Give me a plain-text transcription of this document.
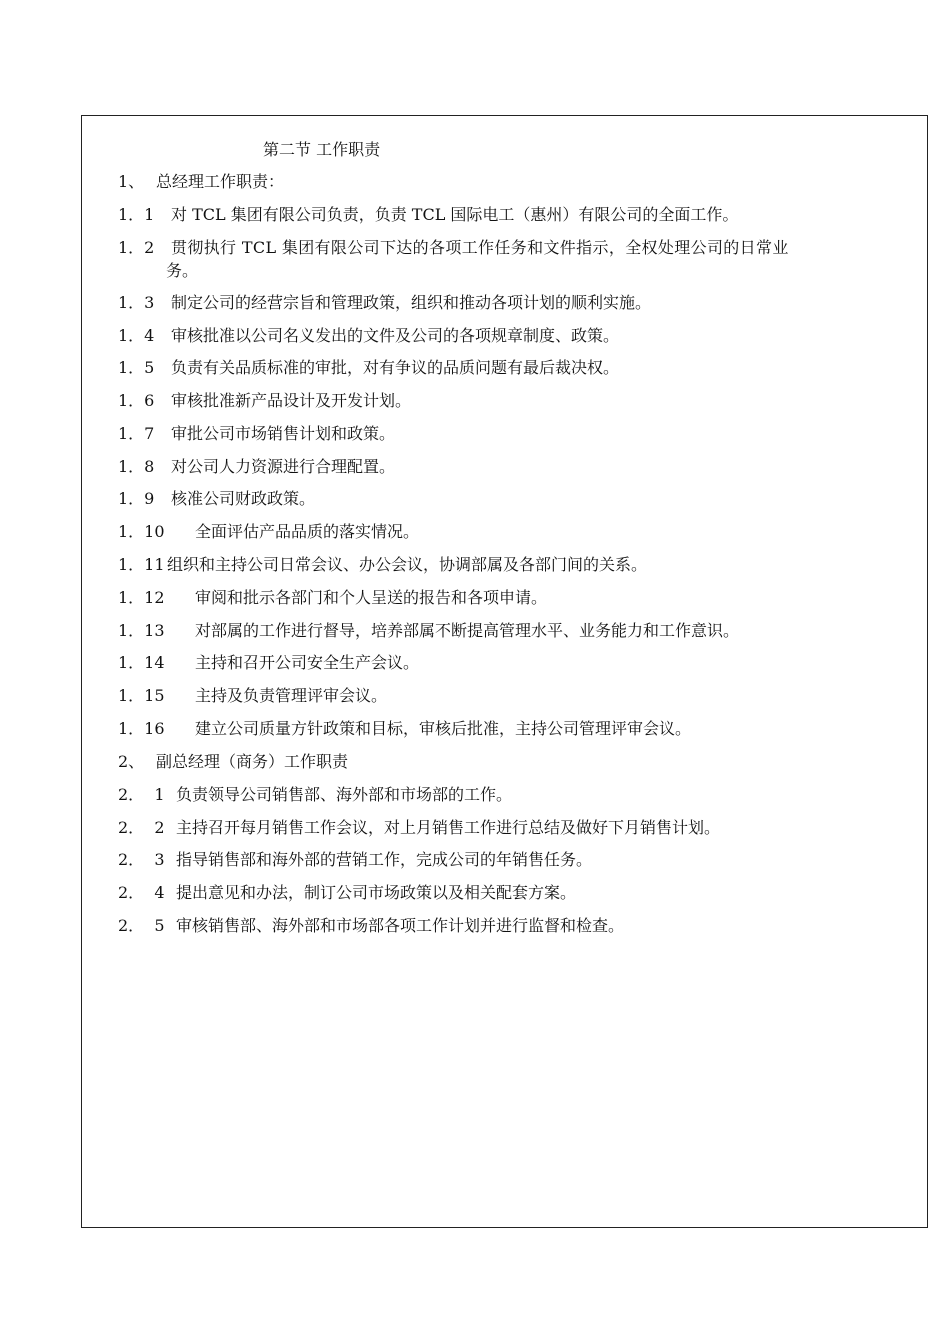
第二节 工作职责
1、 总经理工作职责：
1．1 对 TCL 集团有限公司负责，负责 TCL 国际电工（惠州）有限公司的全面工作。
1．2 贯彻执行 TCL 集团有限公司下达的各项工作任务和文件指示，全权处理公司的日常业
务。
1．3 制定公司的经营宗旨和管理政策，组织和推动各项计划的顺利实施。
1．4 审核批准以公司名义发出的文件及公司的各项规章制度、政策。
1．5 负责有关品质标准的审批，对有争议的品质问题有最后裁决权。
1．6 审核批准新产品设计及开发计划。
1．7 审批公司市场销售计划和政策。
1．8 对公司人力资源进行合理配置。
1．9 核准公司财政政策。
1．10 全面评估产品品质的落实情况。
1．11 组织和主持公司日常会议、办公会议，协调部属及各部门间的关系。
1．12 审阅和批示各部门和个人呈送的报告和各项申请。
1．13 对部属的工作进行督导，培养部属不断提高管理水平、业务能力和工作意识。
1．14 主持和召开公司安全生产会议。
1．15 主持及负责管理评审会议。
1．16 建立公司质量方针政策和目标，审核后批准，主持公司管理评审会议。
2、 副总经理（商务）工作职责
2．  1 负责领导公司销售部、海外部和市场部的工作。
2．  2 主持召开每月销售工作会议，对上月销售工作进行总结及做好下月销售计划。
2．  3 指导销售部和海外部的营销工作，完成公司的年销售任务。
2．  4 提出意见和办法，制订公司市场政策以及相关配套方案。
2．  5 审核销售部、海外部和市场部各项工作计划并进行监督和检查。
